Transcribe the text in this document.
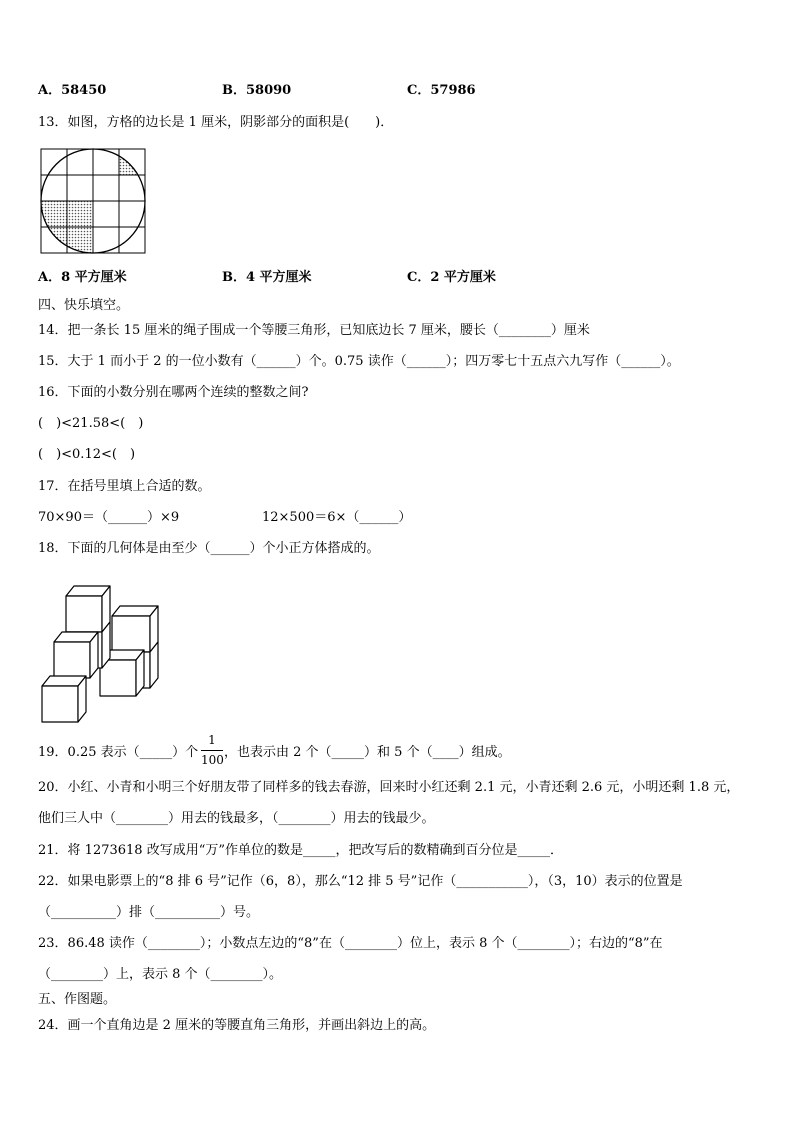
A．58450	B．58090	C．57986
13．如图，方格的边长是 1 厘米，阴影部分的面积是(　　)．
A．8 平方厘米	B．4 平方厘米	C．2 平方厘米
四、快乐填空。
14．把一条长 15 厘米的绳子围成一个等腰三角形，已知底边长 7 厘米，腰长（________）厘米
15．大于 1 而小于 2 的一位小数有（______）个。0.75 读作（______）；四万零七十五点六九写作（______）。
16．下面的小数分别在哪两个连续的整数之间?
(　)<21.58<(　)
(　)<0.12<(　)
17．在括号里填上合适的数。
70×90＝（______）×9	12×500＝6×（______）
18．下面的几何体是由至少（______）个小正方体搭成的。
19．0.25 表示（_____）个
1
100 ，也表示由 2 个（_____）和 5 个（____）组成。
20．小红、小青和小明三个好朋友带了同样多的钱去春游，回来时小红还剩 2.1 元，小青还剩 2.6 元，小明还剩 1.8 元，
他们三人中（________）用去的钱最多，（________）用去的钱最少。
21．将 1273618 改写成用“万”作单位的数是_____，把改写后的数精确到百分位是_____．
22．如果电影票上的“8 排 6 号”记作（6，8），那么“12 排 5 号”记作（___________），（3，10）表示的位置是
（__________）排（__________）号。
23．86.48 读作（________）；小数点左边的“8”在（________）位上，表示 8 个（________）；右边的“8”在
（________）上，表示 8 个（________）。
五、作图题。
24．画一个直角边是 2 厘米的等腰直角三角形，并画出斜边上的高。
